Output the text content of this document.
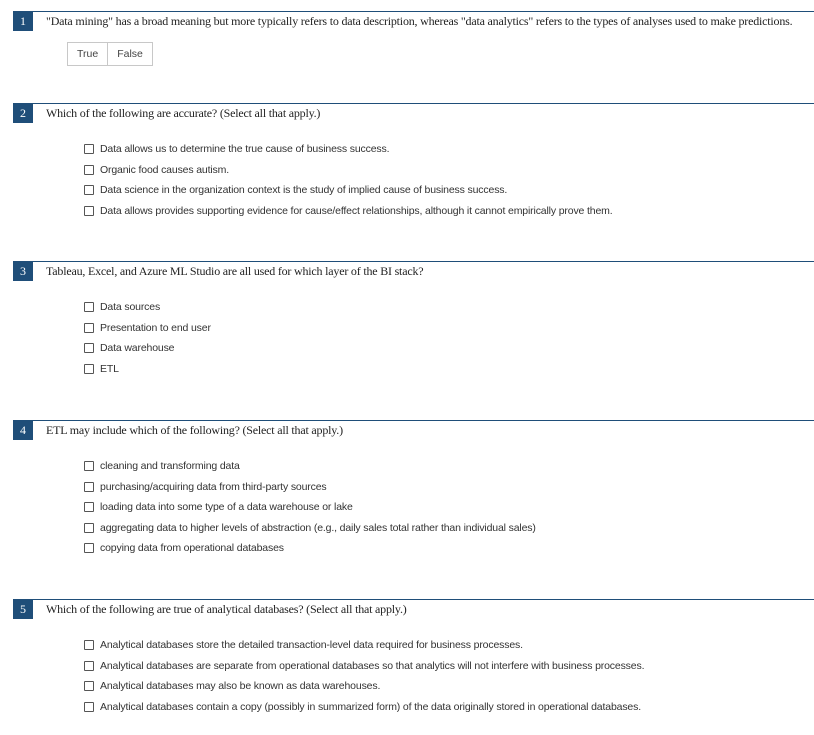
1	"Data mining" has a broad meaning but more typically refers to data description, whereas "data analytics" refers to the types of analyses used to make predictions.
True	False
2	Which of the following are accurate? (Select all that apply.)
Data allows us to determine the true cause of business success.
Organic food causes autism.
Data science in the organization context is the study of implied cause of business success.
Data allows provides supporting evidence for cause/effect relationships, although it cannot empirically prove them.
3	Tableau, Excel, and Azure ML Studio are all used for which layer of the BI stack?
Data sources
Presentation to end user
Data warehouse
ETL
4	ETL may include which of the following? (Select all that apply.)
cleaning and transforming data
purchasing/acquiring data from third-party sources
loading data into some type of a data warehouse or lake
aggregating data to higher levels of abstraction (e.g., daily sales total rather than individual sales)
copying data from operational databases
5	Which of the following are true of analytical databases? (Select all that apply.)
Analytical databases store the detailed transaction-level data required for business processes.
Analytical databases are separate from operational databases so that analytics will not interfere with business processes.
Analytical databases may also be known as data warehouses.
Analytical databases contain a copy (possibly in summarized form) of the data originally stored in operational databases.
